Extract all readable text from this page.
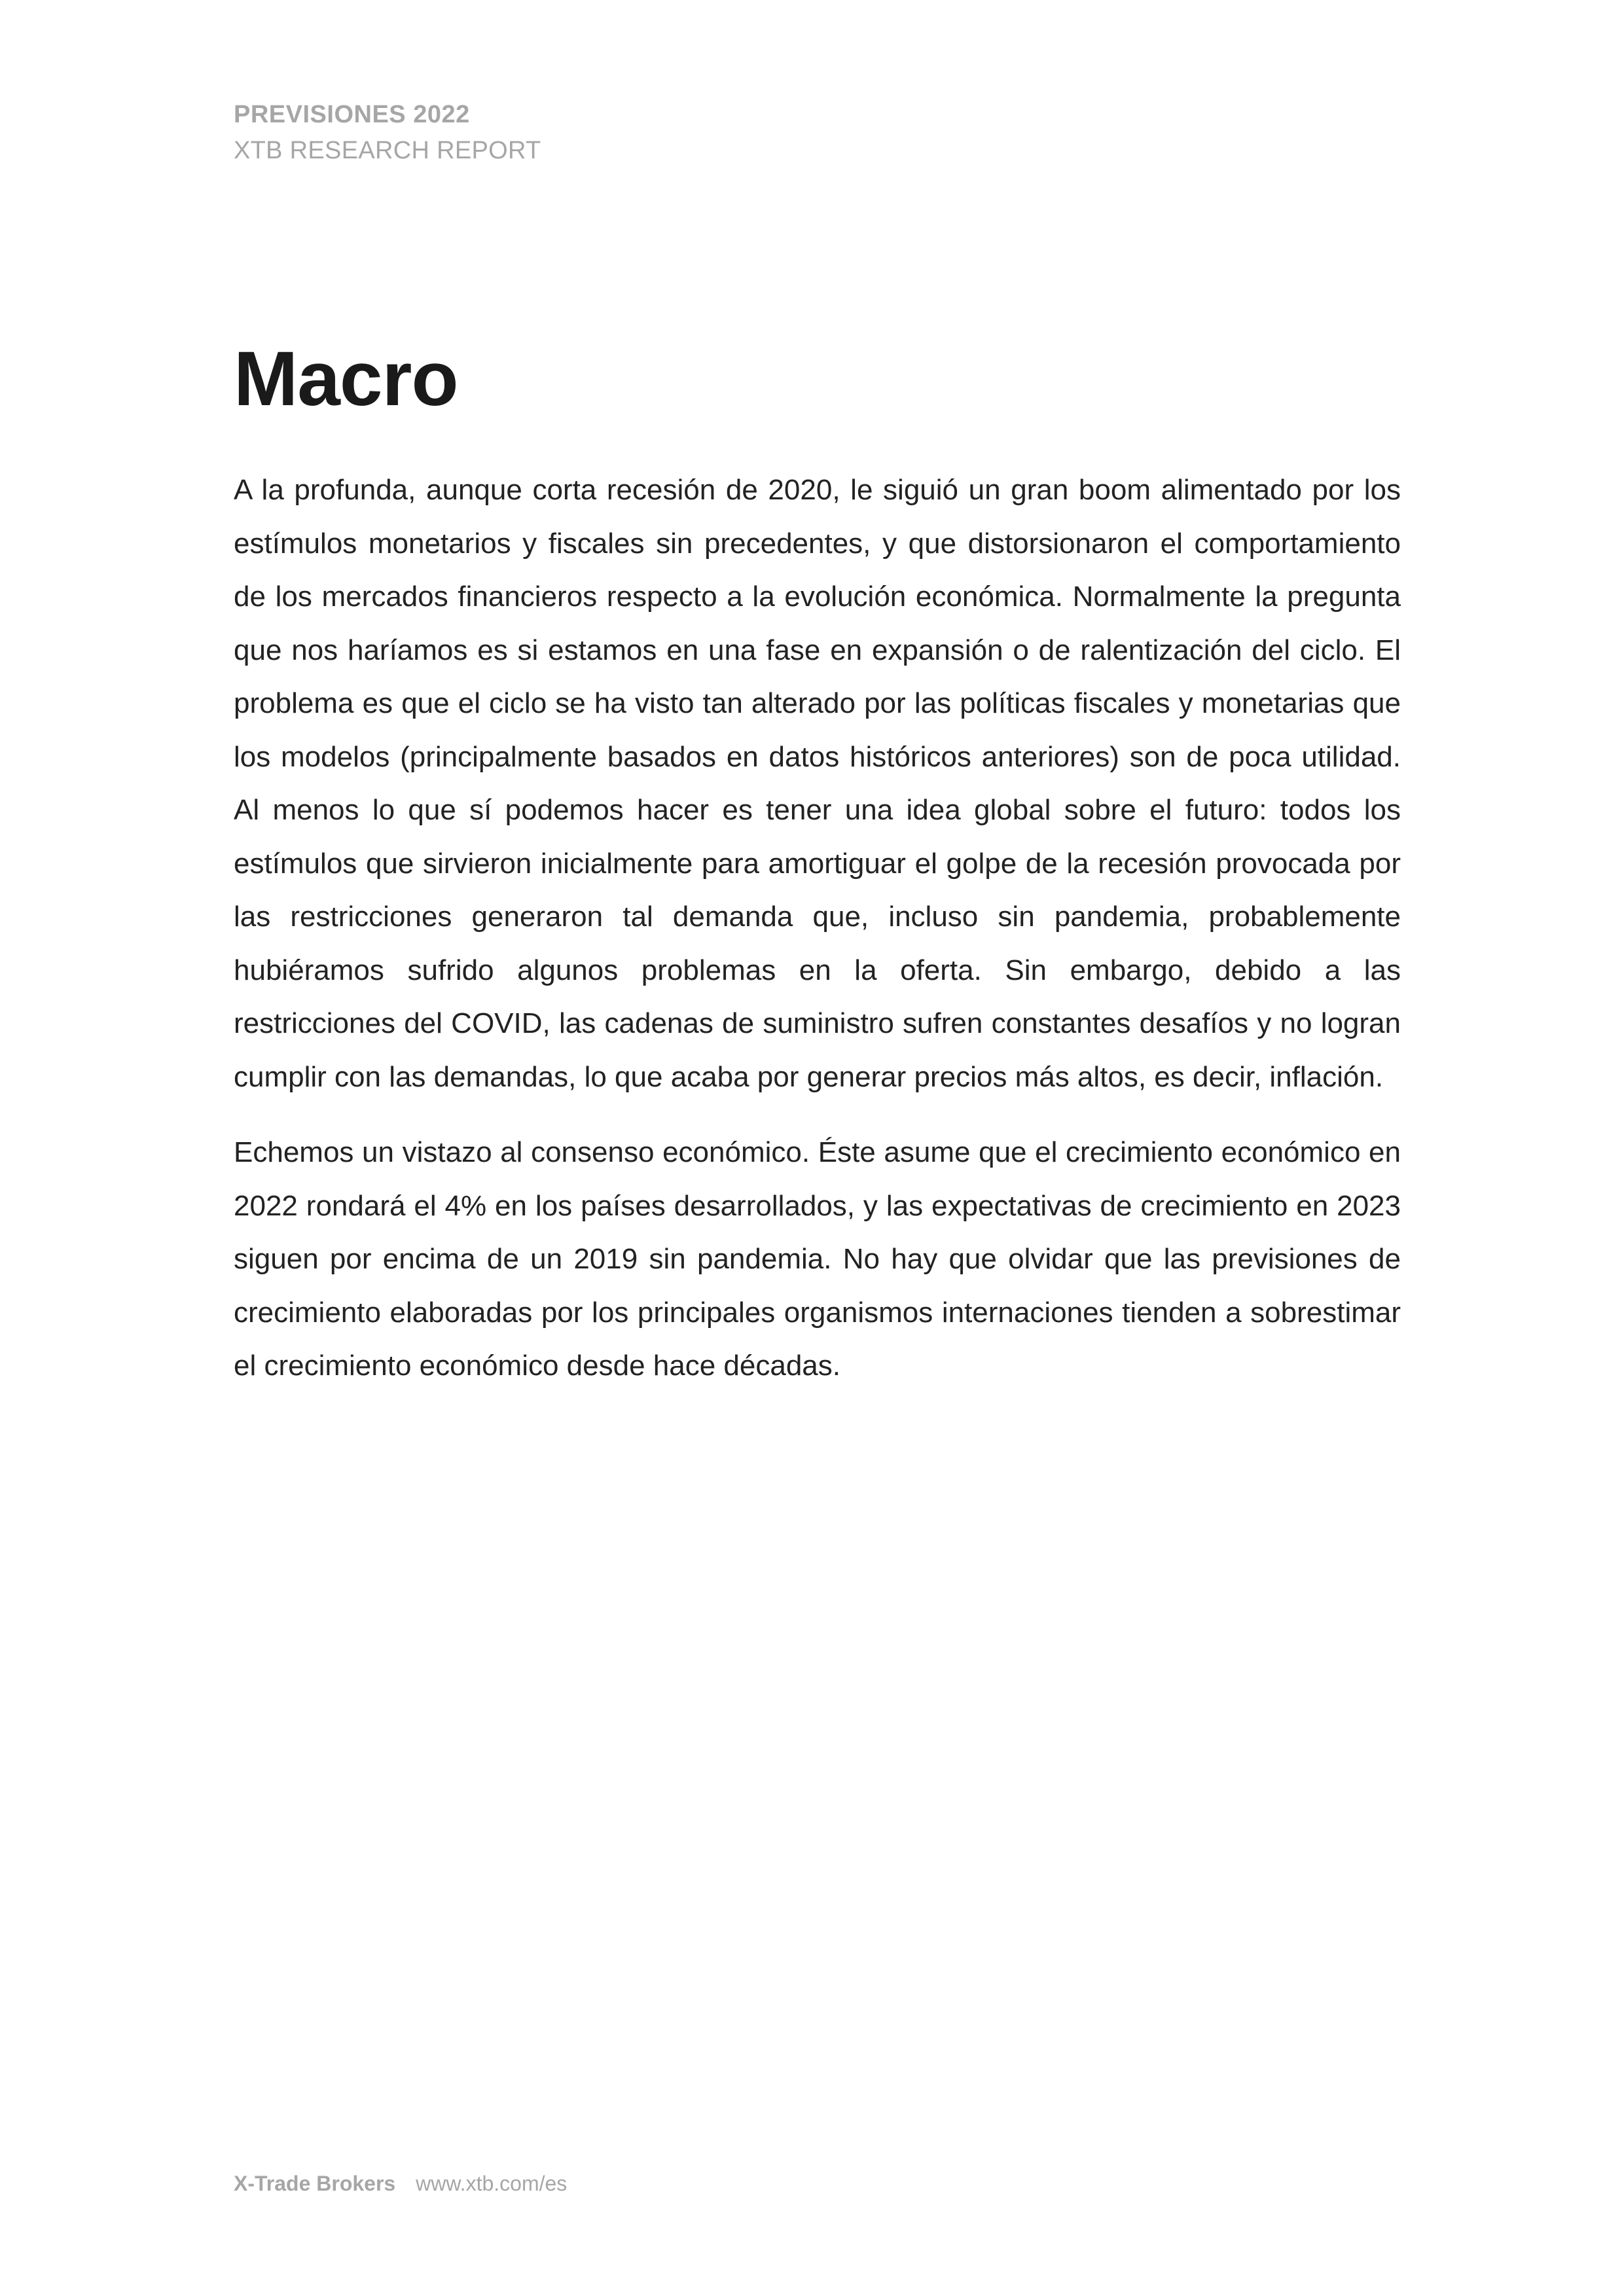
PREVISIONES 2022
XTB RESEARCH REPORT
Macro

A la profunda, aunque corta recesión de 2020, le siguió un gran boom alimentado por los estímulos monetarios y fiscales sin precedentes, y que distorsionaron el comportamiento de los mercados financieros respecto a la evolución económica. Normalmente la pregunta que nos haríamos es si estamos en una fase en expansión o de ralentización del ciclo. El problema es que el ciclo se ha visto tan alterado por las políticas fiscales y monetarias que los modelos (principalmente basados en datos históricos anteriores) son de poca utilidad. Al menos lo que sí podemos hacer es tener una idea global sobre el futuro: todos los estímulos que sirvieron inicialmente para amortiguar el golpe de la recesión provocada por las restricciones generaron tal demanda que, incluso sin pandemia, probablemente hubiéramos sufrido algunos problemas en la oferta. Sin embargo, debido a las restricciones del COVID, las cadenas de suministro sufren constantes desafíos y no logran cumplir con las demandas, lo que acaba por generar precios más altos, es decir, inflación.

Echemos un vistazo al consenso económico. Éste asume que el crecimiento económico en 2022 rondará el 4% en los países desarrollados, y las expectativas de crecimiento en 2023 siguen por encima de un 2019 sin pandemia. No hay que olvidar que las previsiones de crecimiento elaboradas por los principales organismos internaciones tienden a sobrestimar el crecimiento económico desde hace décadas.

X-Trade Brokers www.xtb.com/es
